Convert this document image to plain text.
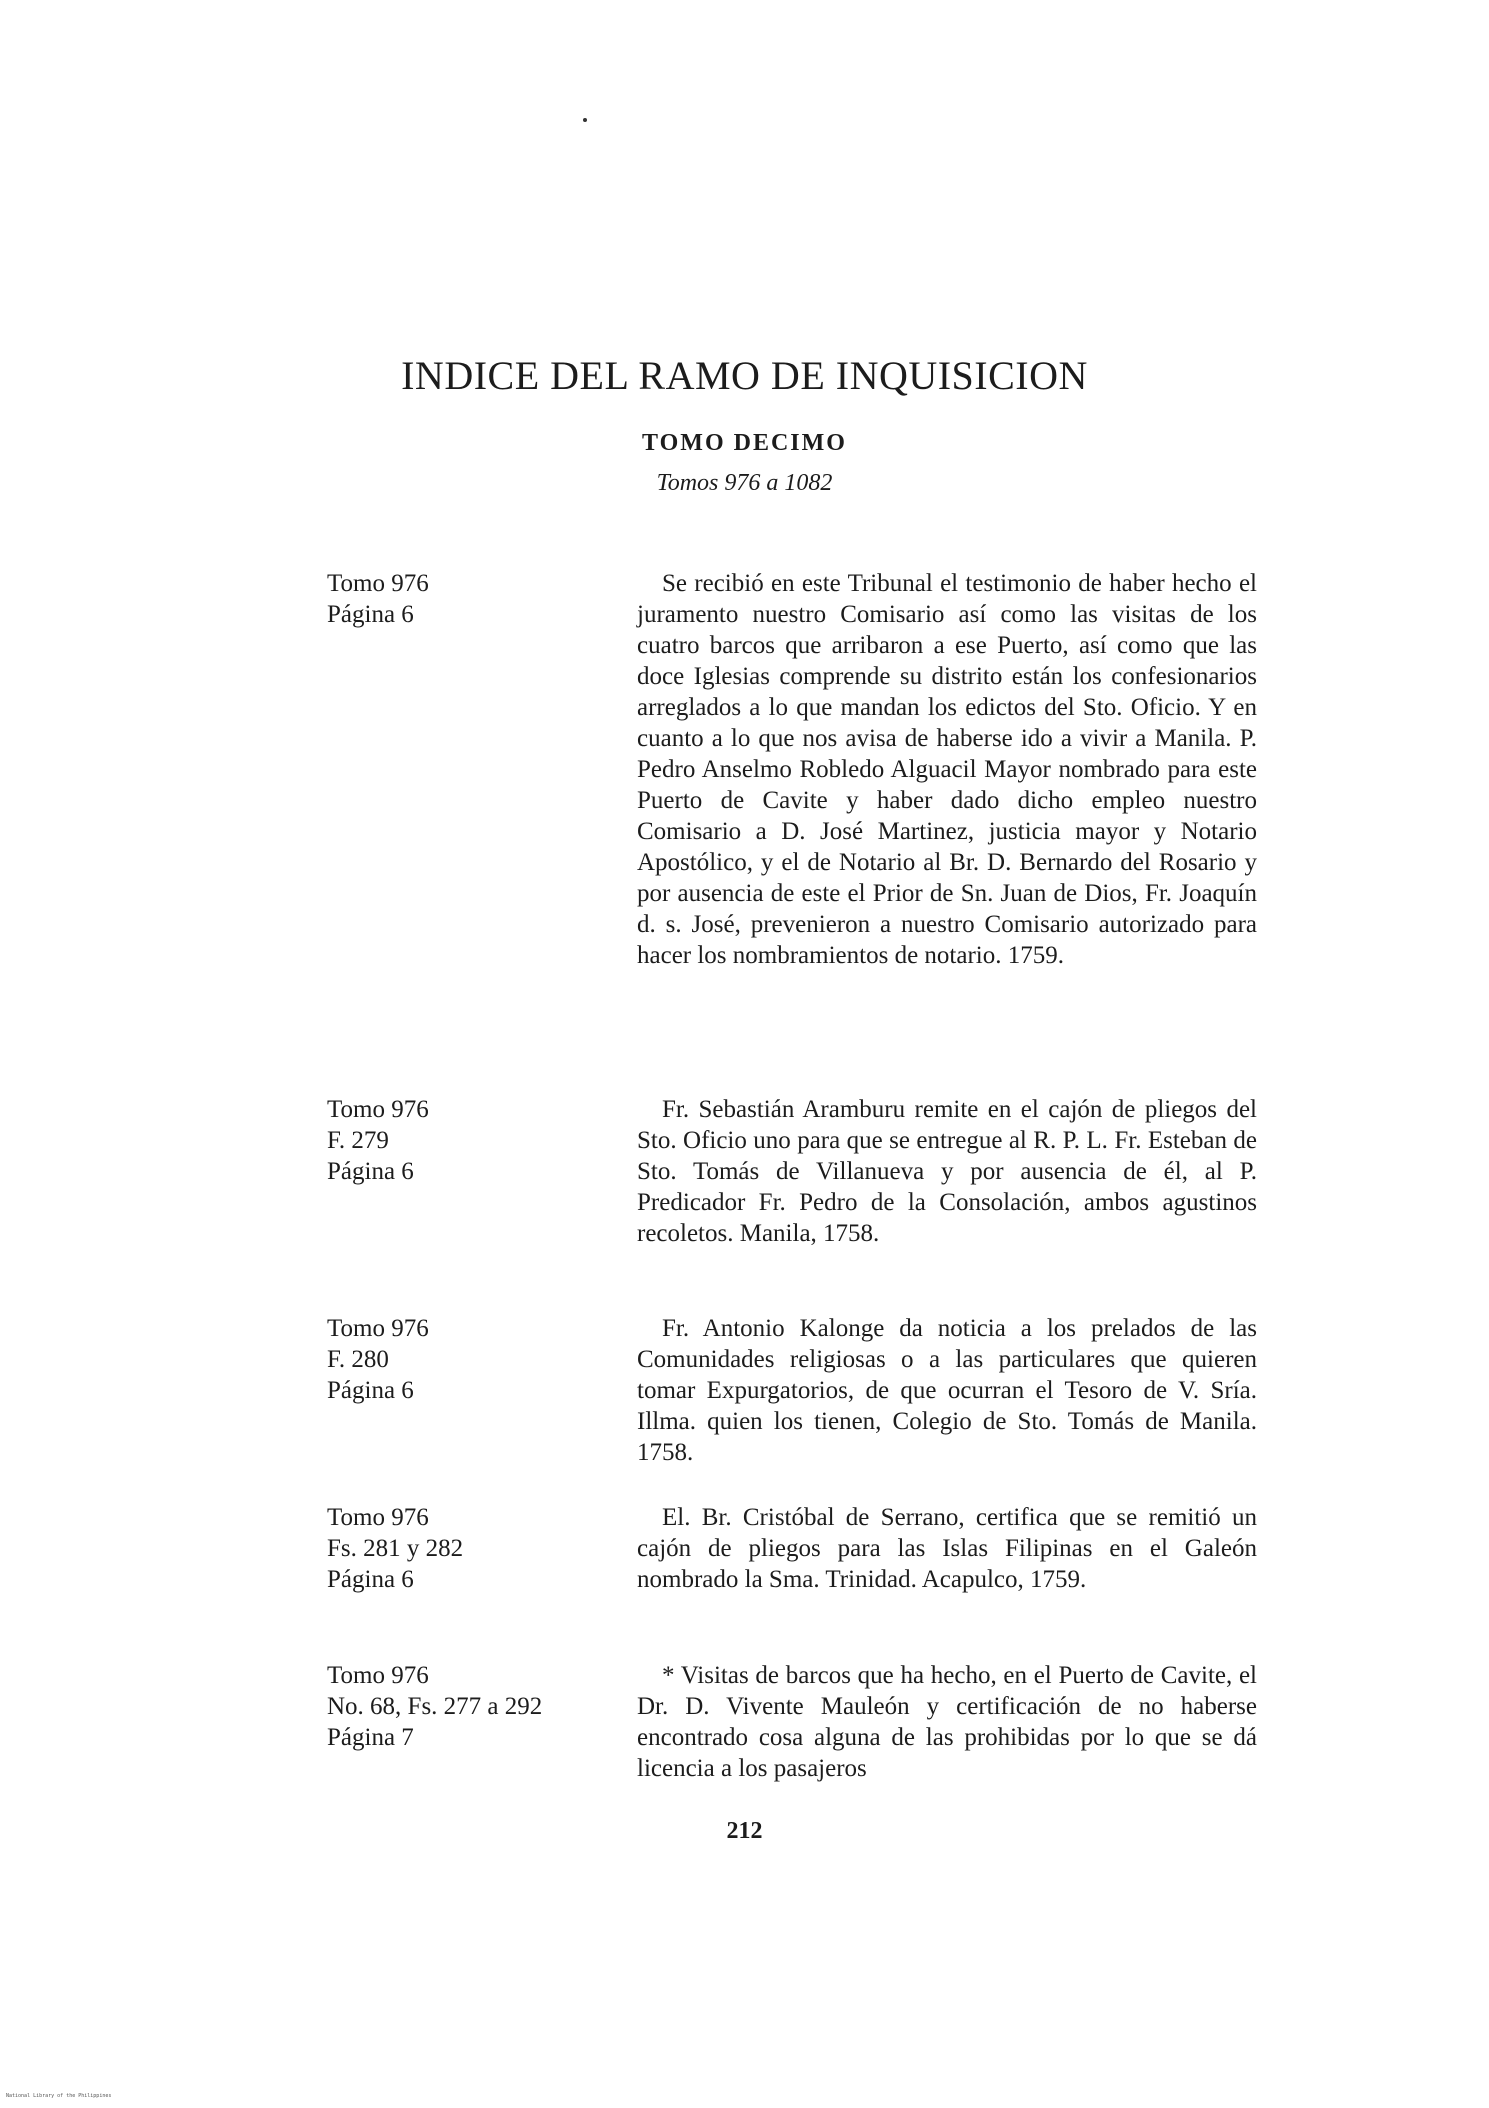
INDICE DEL RAMO DE INQUISICION
TOMO DECIMO
Tomos 976 a 1082
Tomo 976
Página 6

Se recibió en este Tribunal el testimonio de haber hecho el juramento nuestro Comisario así como las visitas de los cuatro barcos que arribaron a ese Puerto, así como que las doce Iglesias comprende su distrito están los confesionarios arreglados a lo que mandan los edictos del Sto. Oficio. Y en cuanto a lo que nos avisa de haberse ido a vivir a Manila. P. Pedro Anselmo Robledo Alguacil Mayor nombrado para este Puerto de Cavite y haber dado dicho empleo nuestro Comisario a D. José Martinez, justicia mayor y Notario Apostólico, y el de Notario al Br. D. Bernardo del Rosario y por ausencia de este el Prior de Sn. Juan de Dios, Fr. Joaquín d. s. José, prevenieron a nuestro Comisario autorizado para hacer los nombramientos de notario. 1759.

Tomo 976
F. 279
Página 6

Fr. Sebastián Aramburu remite en el cajón de pliegos del Sto. Oficio uno para que se entregue al R. P. L. Fr. Esteban de Sto. Tomás de Villanueva y por ausencia de él, al P. Predicador Fr. Pedro de la Consolación, ambos agustinos recoletos. Manila, 1758.

Tomo 976
F. 280
Página 6

Fr. Antonio Kalonge da noticia a los prelados de las Comunidades religiosas o a las particulares que quieren tomar Expurgatorios, de que ocurran el Tesoro de V. Sría. Illma. quien los tienen, Colegio de Sto. Tomás de Manila. 1758.

Tomo 976
Fs. 281 y 282
Página 6

El. Br. Cristóbal de Serrano, certifica que se remitió un cajón de pliegos para las Islas Filipinas en el Galeón nombrado la Sma. Trinidad. Acapulco, 1759.

Tomo 976
No. 68, Fs. 277 a 292
Página 7

* Visitas de barcos que ha hecho, en el Puerto de Cavite, el Dr. D. Vivente Mauleón y certificación de no haberse encontrado cosa alguna de las prohibidas por lo que se dá licencia a los pasajeros

212
National Library of the Philippines
